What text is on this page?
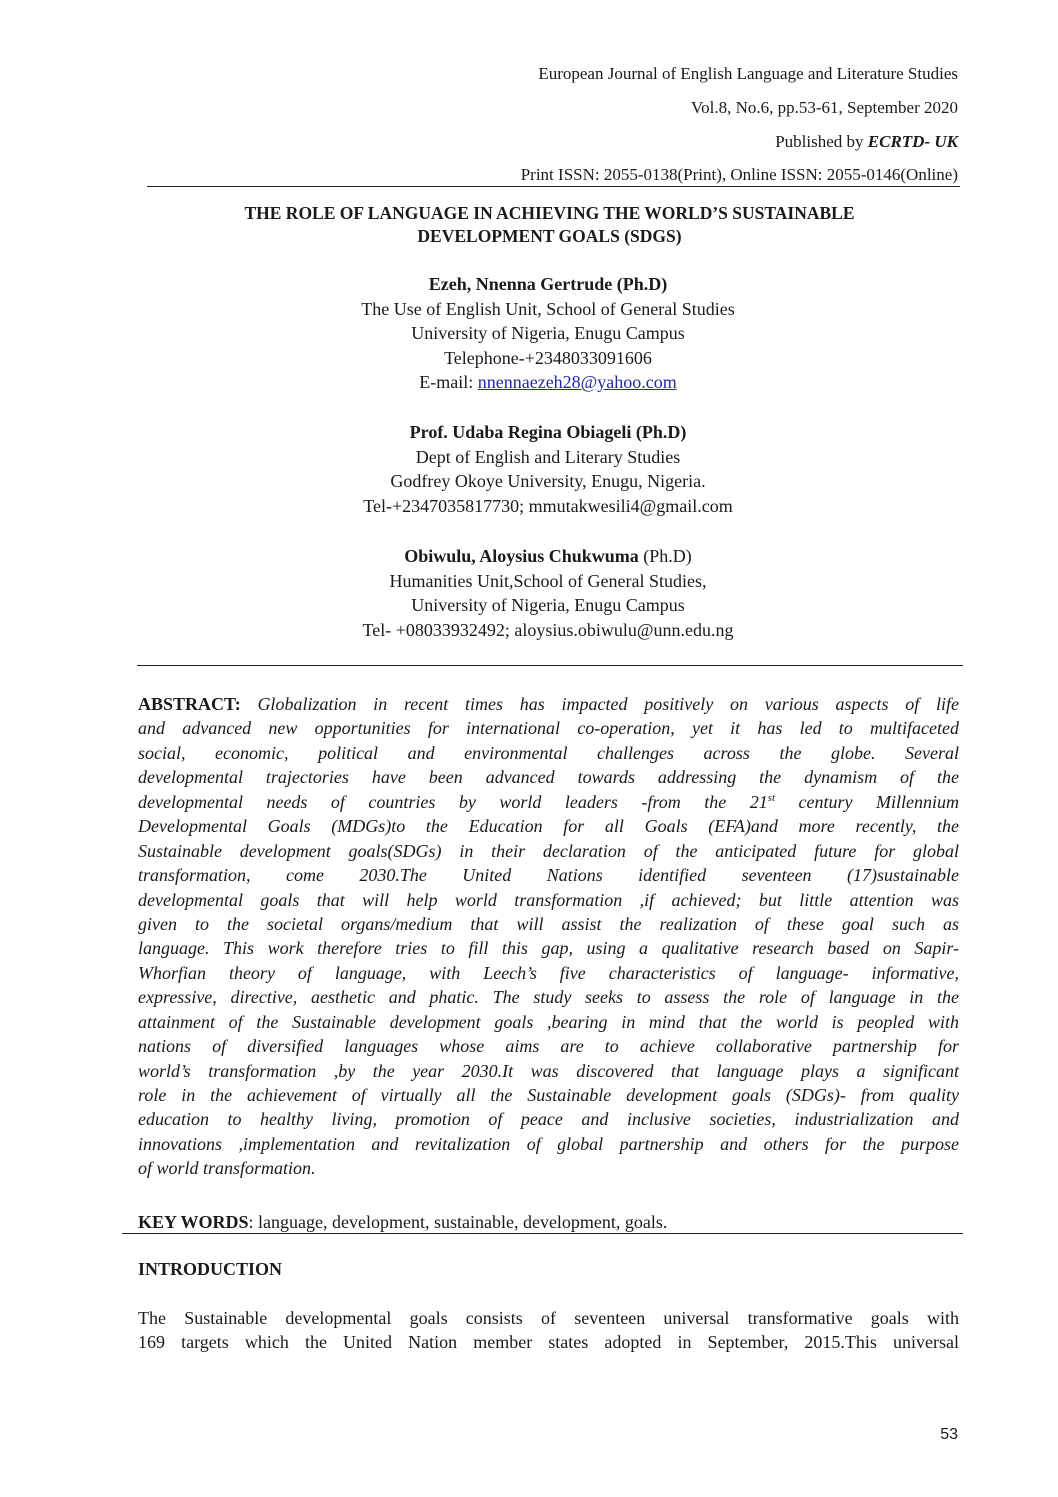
European Journal of English Language and Literature Studies
Vol.8, No.6, pp.53-61, September 2020
Published by ECRTD- UK
Print ISSN: 2055-0138(Print), Online ISSN: 2055-0146(Online)
THE ROLE OF LANGUAGE IN ACHIEVING THE WORLD’S SUSTAINABLE
DEVELOPMENT GOALS (SDGS)
Ezeh, Nnenna Gertrude (Ph.D)
The Use of English Unit, School of General Studies
University of Nigeria, Enugu Campus
Telephone-+2348033091606
E-mail: nnennaezeh28@yahoo.com
Prof. Udaba Regina Obiageli (Ph.D)
Dept of English and Literary Studies
Godfrey Okoye University, Enugu, Nigeria.
Tel-+2347035817730; mmutakwesili4@gmail.com
Obiwulu, Aloysius Chukwuma (Ph.D)
Humanities Unit,School of General Studies,
University of Nigeria, Enugu Campus
Tel- +08033932492; aloysius.obiwulu@unn.edu.ng
ABSTRACT: Globalization in recent times has impacted positively on various aspects of life
and advanced new opportunities for international co-operation, yet it has led to multifaceted
social, economic, political and environmental challenges across the globe. Several
developmental trajectories have been advanced towards addressing the dynamism of the
developmental needs of countries by world leaders -from the 21st century Millennium
Developmental Goals (MDGs)to the Education for all Goals (EFA)and more recently, the
Sustainable development goals(SDGs) in their declaration of the anticipated future for global
transformation, come 2030.The United Nations identified seventeen (17)sustainable
developmental goals that will help world transformation ,if achieved; but little attention was
given to the societal organs/medium that will assist the realization of these goal such as
language. This work therefore tries to fill this gap, using a qualitative research based on Sapir-
Whorfian theory of language, with Leech’s five characteristics of language- informative,
expressive, directive, aesthetic and phatic. The study seeks to assess the role of language in the
attainment of the Sustainable development goals ,bearing in mind that the world is peopled with
nations of diversified languages whose aims are to achieve collaborative partnership for
world’s transformation ,by the year 2030.It was discovered that language plays a significant
role in the achievement of virtually all the Sustainable development goals (SDGs)- from quality
education to healthy living, promotion of peace and inclusive societies, industrialization and
innovations ,implementation and revitalization of global partnership and others for the purpose
of world transformation.
KEY WORDS: language, development, sustainable, development, goals.
INTRODUCTION
The Sustainable developmental goals consists of seventeen universal transformative goals with
169 targets which the United Nation member states adopted in September, 2015.This universal
53
